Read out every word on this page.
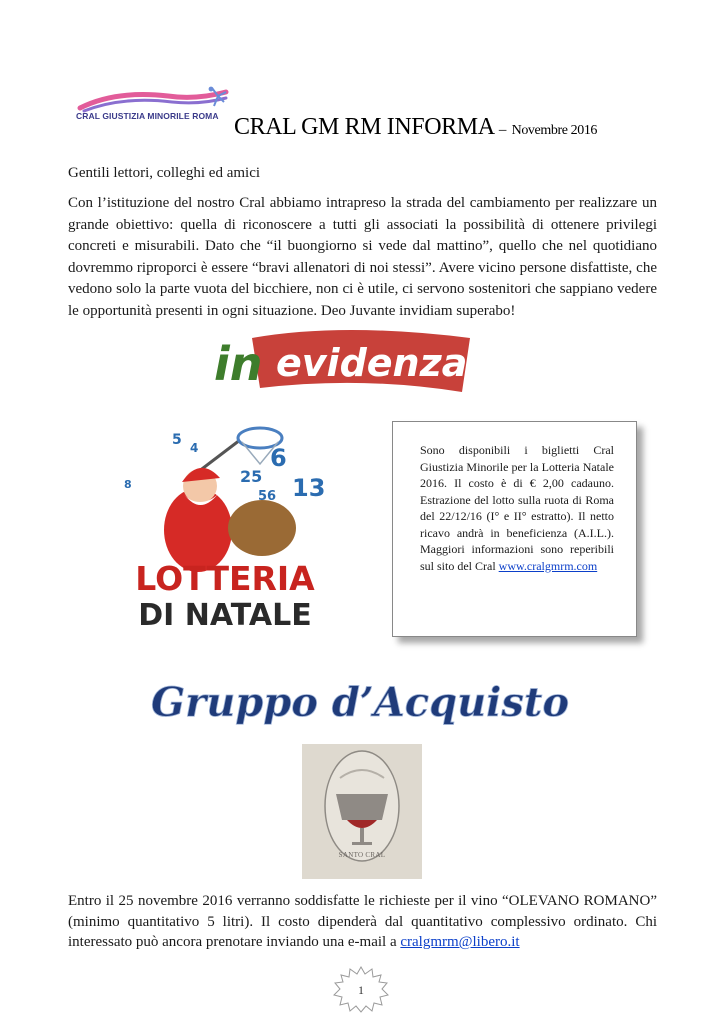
CRAL GIUSTIZIA MINORILE ROMA CRAL GM RM INFORMA – Novembre 2016
Gentili lettori, colleghi ed amici
Con l’istituzione del nostro Cral abbiamo intrapreso la strada del cambiamento per realizzare un grande obiettivo: quella di riconoscere a tutti gli associati la possibilità di ottenere privilegi concreti e misurabili. Dato che “il buongiorno si vede dal mattino”, quello che nel quotidiano dovremmo riproporci è essere “bravi allenatori di noi stessi”. Avere vicino persone disfattiste, che vedono solo la parte vuota del bicchiere, non ci è utile, ci servono sostenitori che sappiano vedere le opportunità presenti in ogni situazione. Deo Juvante invidiam superabo!
in evidenza
5 4	6
13
25
56
8
LOTTERIA
DI NATALE

Sono disponibili i biglietti Cral Giustizia Minorile per la Lotteria Natale 2016. Il costo è di € 2,00 cadauno. Estrazione del lotto sulla ruota di Roma del 22/12/16 (I° e II° estratto). Il netto ricavo andrà in beneficienza (A.I.L.). Maggiori informazioni sono reperibili sul sito del Cral www.cralgmrm.com

Gruppo d’Acquisto
SANTO CRAL
Entro il 25 novembre 2016 verranno soddisfatte le richieste per il vino “OLEVANO ROMANO” (minimo quantitativo 5 litri). Il costo dipenderà dal quantitativo complessivo ordinato. Chi interessato può ancora prenotare inviando una e-mail a cralgmrm@libero.it
1
